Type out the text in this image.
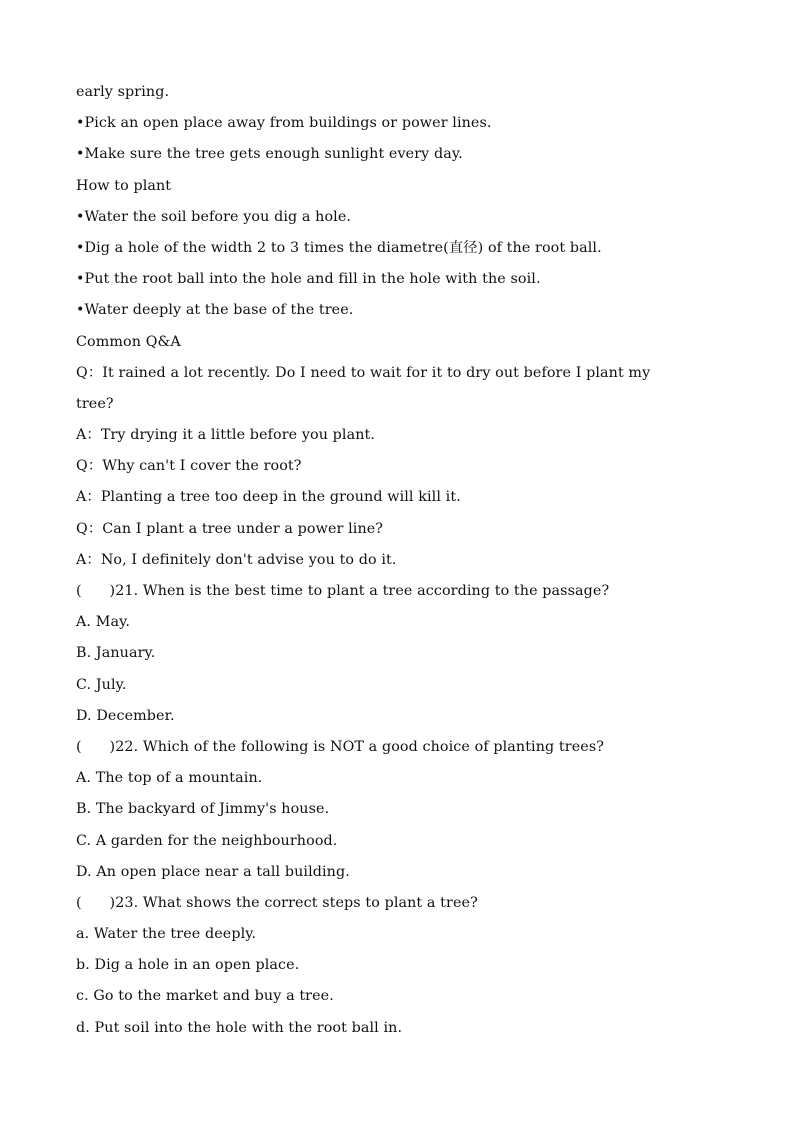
early spring.
•Pick an open place away from buildings or power lines.
•Make sure the tree gets enough sunlight every day.
How to plant
•Water the soil before you dig a hole.
•Dig a hole of the width 2 to 3 times the diametre(直径) of the root ball.
•Put the root ball into the hole and fill in the hole with the soil.
•Water deeply at the base of the tree.
Common Q&A
Q：It rained a lot recently. Do I need to wait for it to dry out before I plant my
tree?
A：Try drying it a little before you plant.
Q：Why can't I cover the root?
A：Planting a tree too deep in the ground will kill it.
Q：Can I plant a tree under a power line?
A：No, I definitely don't advise you to do it.
(      )21. When is the best time to plant a tree according to the passage?
A. May.
B. January.
C. July.
D. December.
(      )22. Which of the following is NOT a good choice of planting trees?
A. The top of a mountain.
B. The backyard of Jimmy's house.
C. A garden for the neighbourhood.
D. An open place near a tall building.
(      )23. What shows the correct steps to plant a tree?
a. Water the tree deeply.
b. Dig a hole in an open place.
c. Go to the market and buy a tree.
d. Put soil into the hole with the root ball in.
